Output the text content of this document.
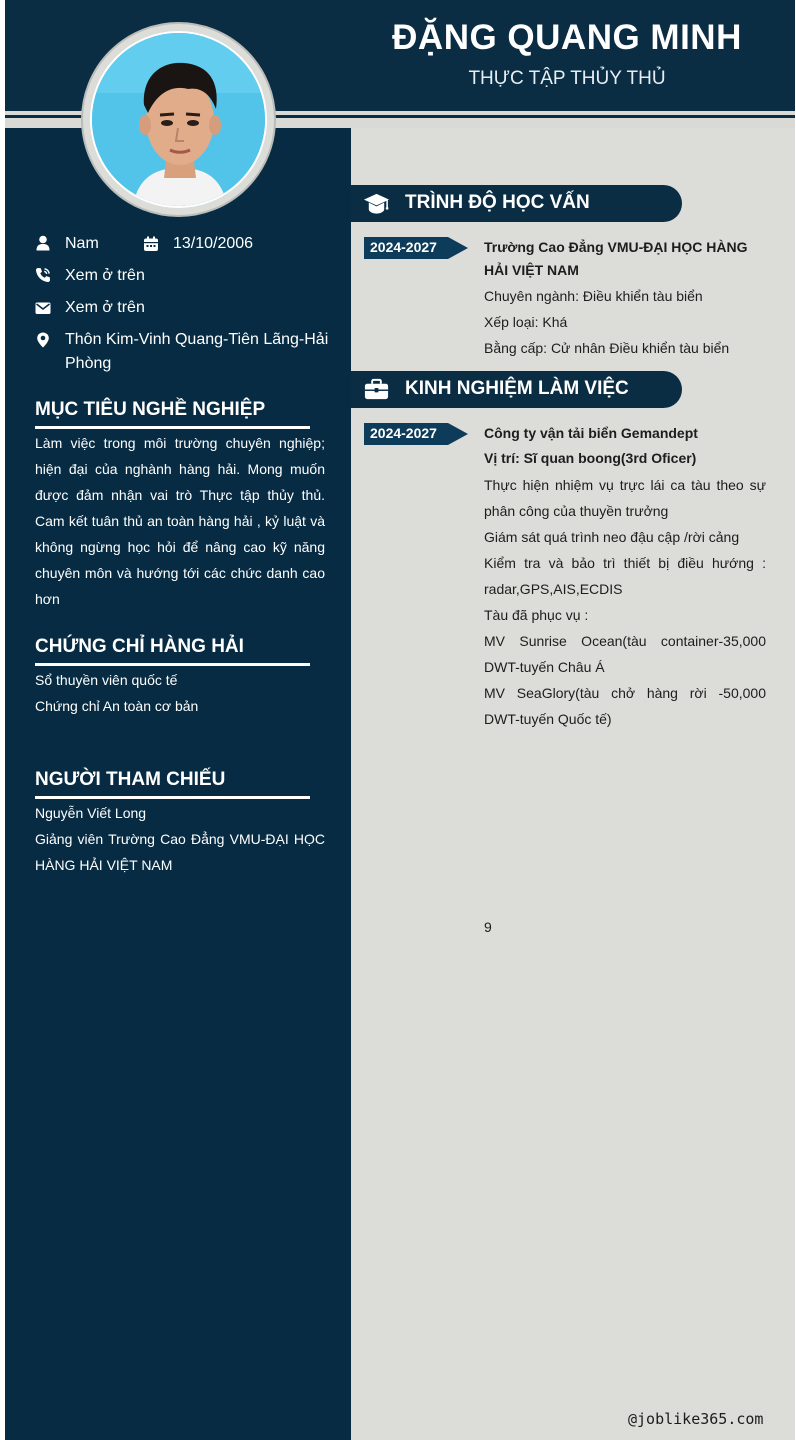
ĐẶNG QUANG MINH
THỰC TẬP THỦY THỦ
Nam	13/10/2006
Xem ở trên
Xem ở trên
Thôn Kim-Vinh Quang-Tiên Lãng-Hải Phòng
MỤC TIÊU NGHỀ NGHIỆP
Làm việc trong môi trường chuyên nghiệp; hiện đại của nghành hàng hải. Mong muốn được đảm nhận vai trò Thực tập thủy thủ. Cam kết tuân thủ an toàn hàng hải , kỷ luật và không ngừng học hỏi để nâng cao kỹ năng chuyên môn và hướng tới các chức danh cao hơn
CHỨNG CHỈ HÀNG HẢI
Sổ thuyền viên quốc tế
Chứng chỉ An toàn cơ bản
NGƯỜI THAM CHIẾU
Nguyễn Viết Long
Giảng viên Trường Cao Đẳng VMU-ĐẠI HỌC HÀNG HẢI VIỆT NAM
TRÌNH ĐỘ HỌC VẤN
2024-2027	Trường Cao Đẳng VMU-ĐẠI HỌC HÀNG HẢI VIỆT NAM
Chuyên ngành: Điều khiển tàu biển
Xếp loại: Khá
Bằng cấp: Cử nhân Điều khiển tàu biển
KINH NGHIỆM LÀM VIỆC
2024-2027	Công ty vận tải biển Gemandept
Vị trí: Sĩ quan boong(3rd Oficer)
Thực hiện nhiệm vụ trực lái ca tàu theo sự phân công của thuyền trưởng
Giám sát quá trình neo đậu cập /rời cảng
Kiểm tra và bảo trì thiết bị điều hướng : radar,GPS,AIS,ECDIS
Tàu đã phục vụ :
MV Sunrise Ocean(tàu container-35,000 DWT-tuyến Châu Á
MV SeaGlory(tàu chở hàng rời -50,000 DWT-tuyến Quốc tế)
9
@joblike365.com
